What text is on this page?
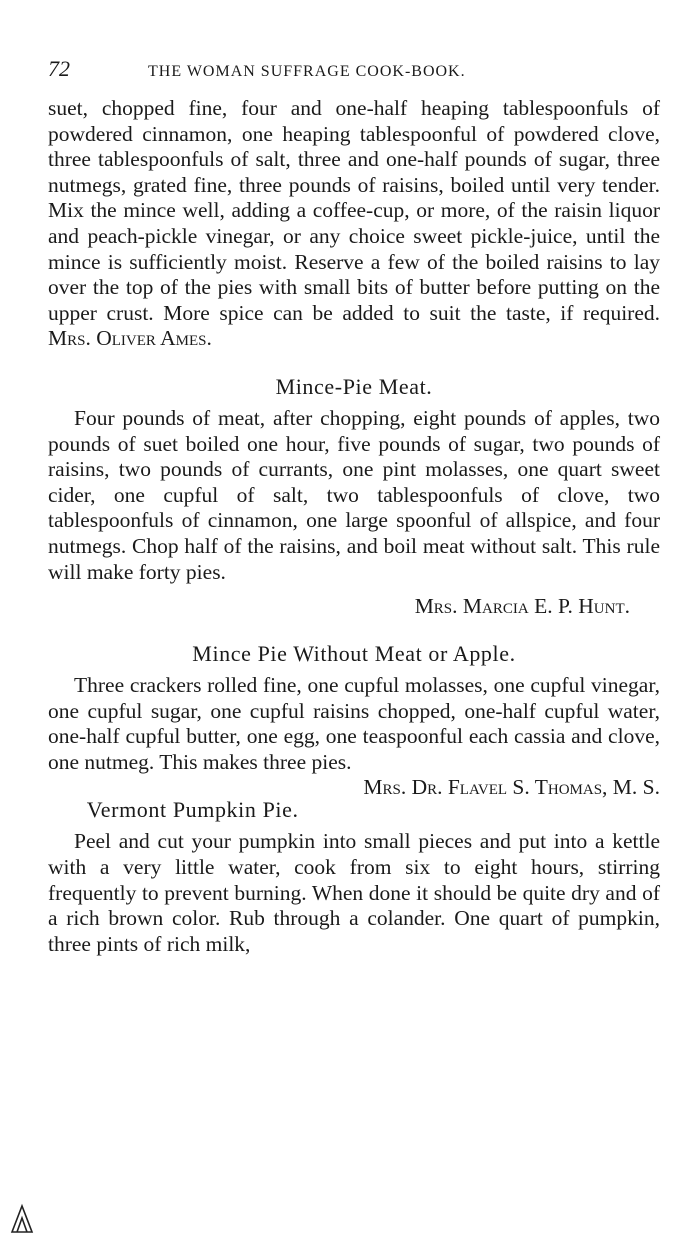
72	THE WOMAN SUFFRAGE COOK-BOOK.

suet, chopped fine, four and one-half heaping tablespoonfuls of powdered cinnamon, one heaping tablespoonful of powdered clove, three tablespoonfuls of salt, three and one-half pounds of sugar, three nutmegs, grated fine, three pounds of raisins, boiled until very tender. Mix the mince well, adding a coffee-cup, or more, of the raisin liquor and peach-pickle vinegar, or any choice sweet pickle-juice, until the mince is sufficiently moist. Reserve a few of the boiled raisins to lay over the top of the pies with small bits of butter before putting on the upper crust. More spice can be added to suit the taste, if required. Mrs. Oliver Ames.

Mince-Pie Meat.

Four pounds of meat, after chopping, eight pounds of apples, two pounds of suet boiled one hour, five pounds of sugar, two pounds of raisins, two pounds of currants, one pint molasses, one quart sweet cider, one cupful of salt, two tablespoonfuls of clove, two tablespoonfuls of cinnamon, one large spoonful of allspice, and four nutmegs. Chop half of the raisins, and boil meat without salt. This rule will make forty pies.

Mrs. Marcia E. P. Hunt.
Mince Pie Without Meat or Apple.

Three crackers rolled fine, one cupful molasses, one cupful vinegar, one cupful sugar, one cupful raisins chopped, one-half cupful water, one-half cupful butter, one egg, one teaspoonful each cassia and clove, one nutmeg. This makes three pies.
Mrs. Dr. Flavel S. Thomas, M. S.

Vermont Pumpkin Pie.

Peel and cut your pumpkin into small pieces and put into a kettle with a very little water, cook from six to eight hours, stirring frequently to prevent burning. When done it should be quite dry and of a rich brown color. Rub through a colander. One quart of pumpkin, three pints of rich milk,
